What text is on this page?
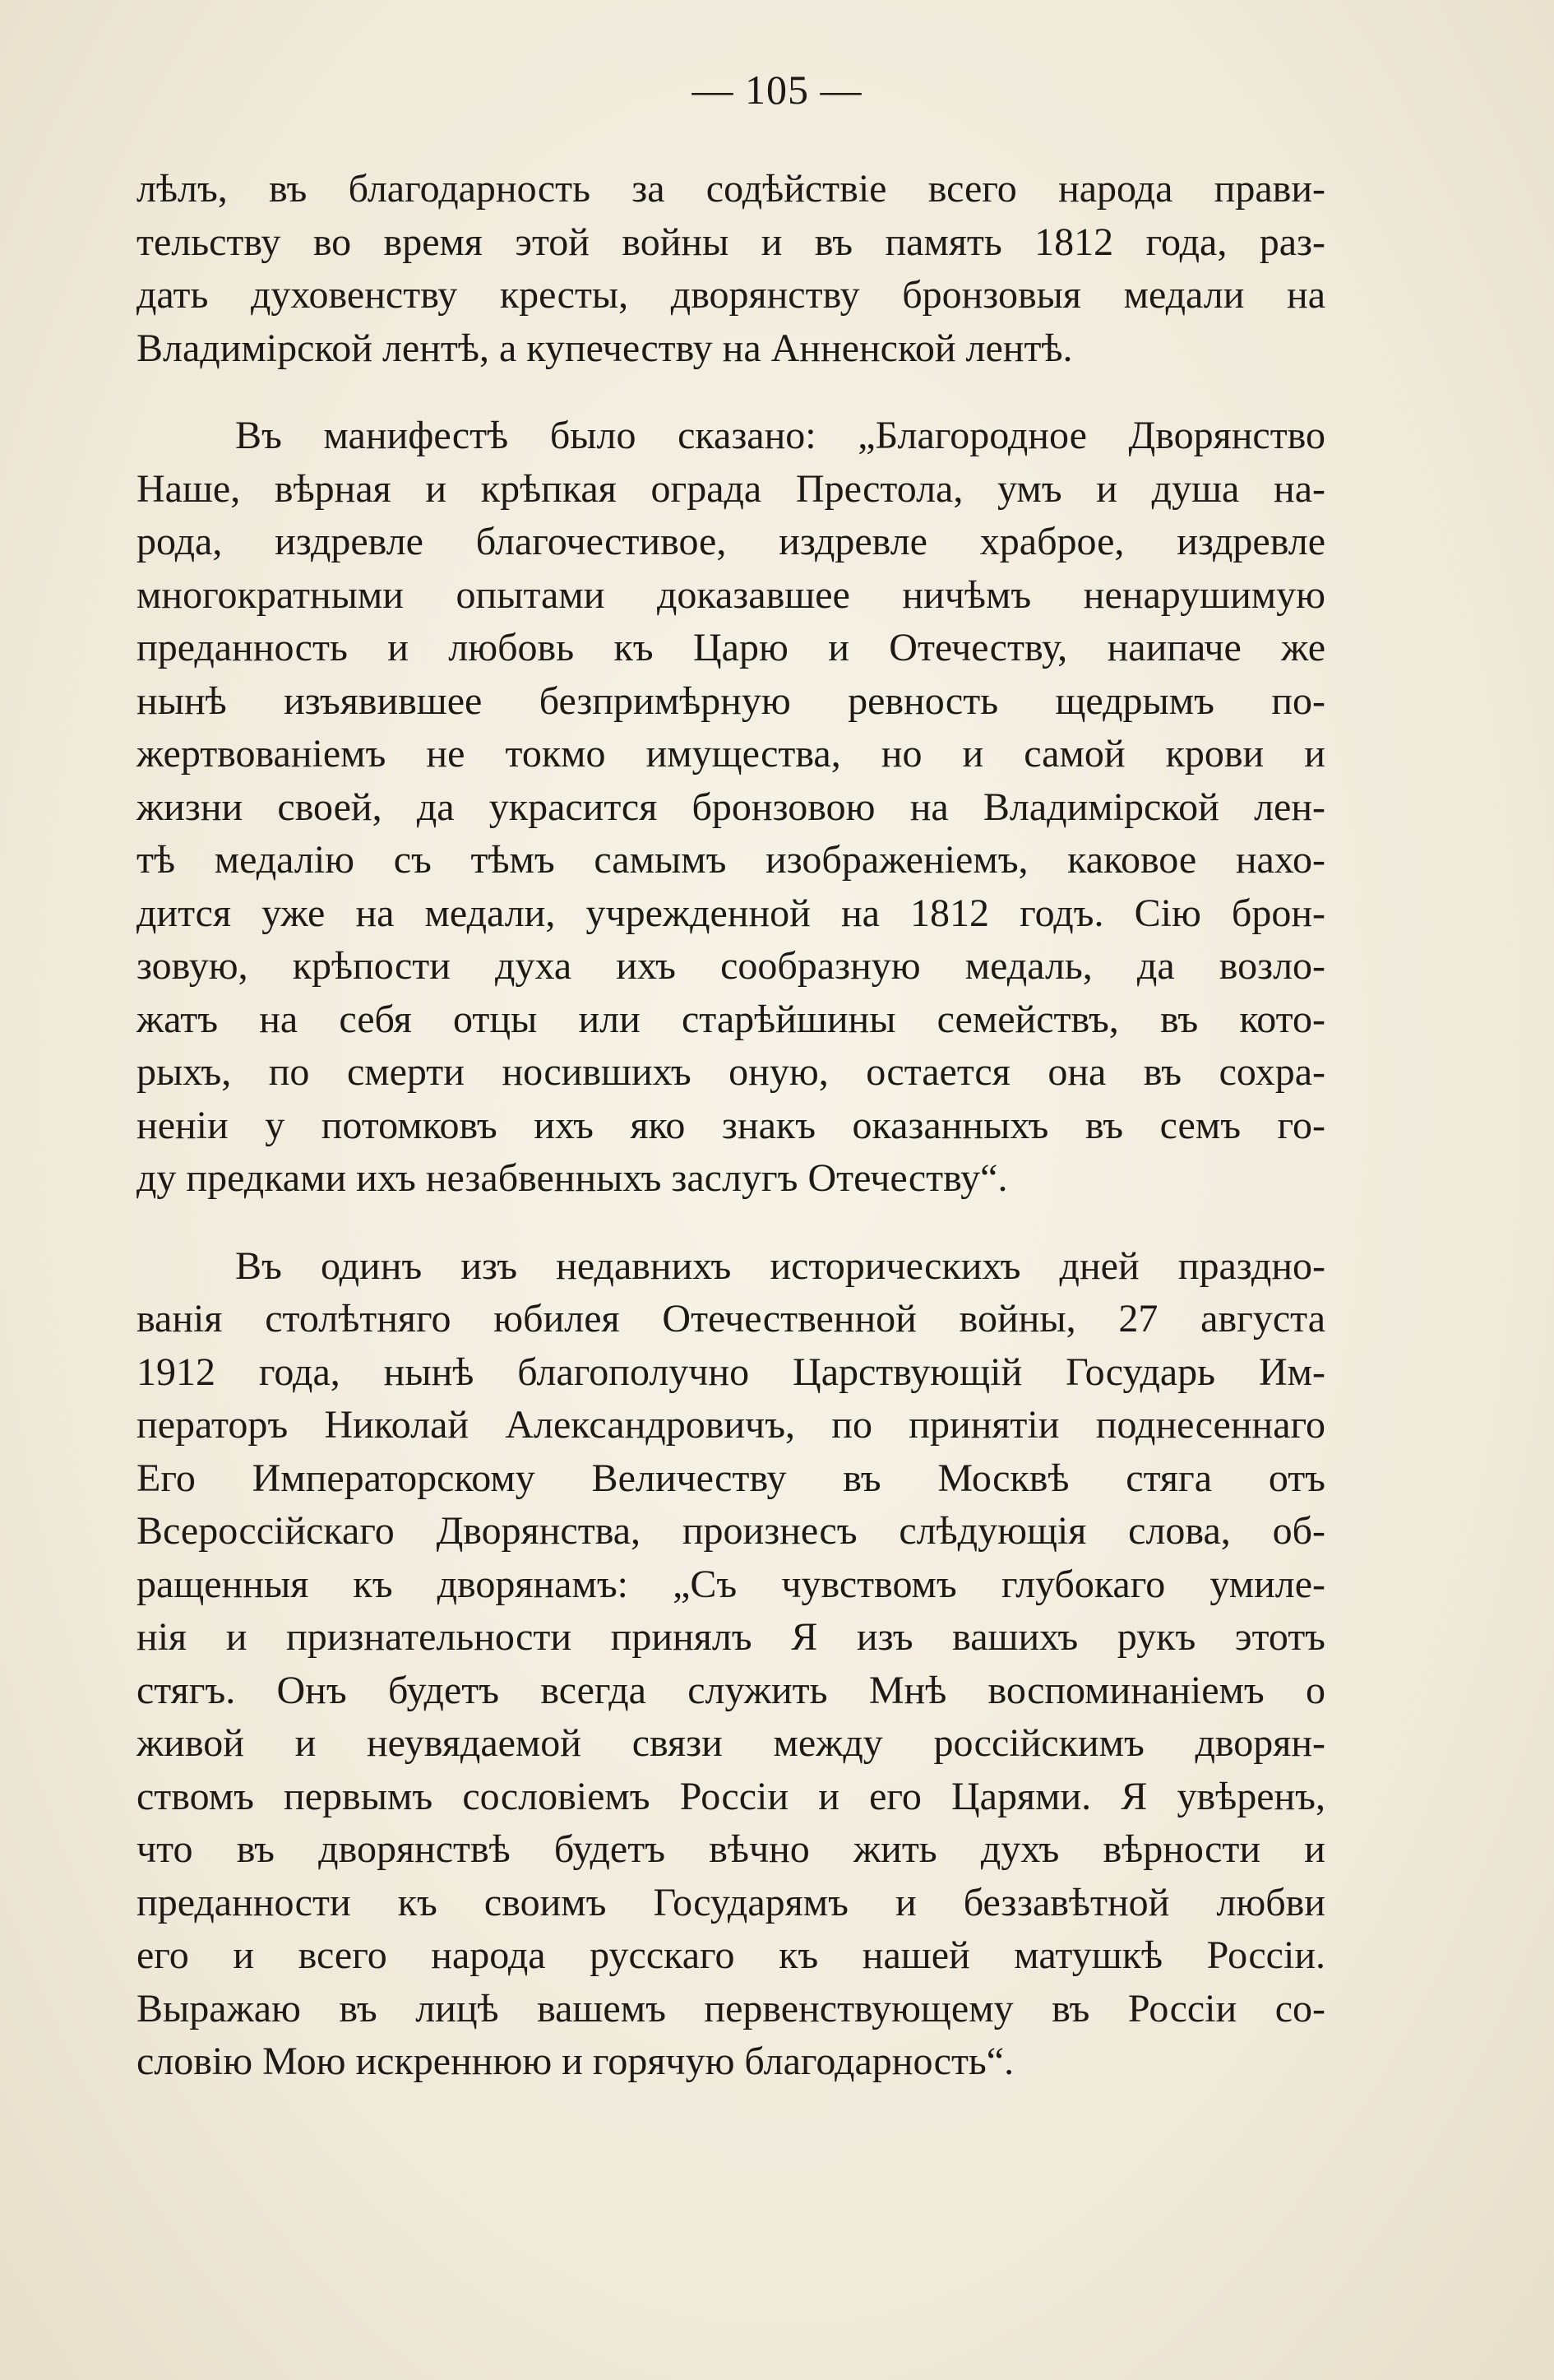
— 105 —
лѣлъ, въ благодарность за содѣйствіе всего народа прави-
тельству во время этой войны и въ память 1812 года, раз-
дать духовенству кресты, дворянству бронзовыя медали на
Владимірской лентѣ, а купечеству на Анненской лентѣ.
Въ манифестѣ было сказано: „Благородное Дворянство
Наше, вѣрная и крѣпкая ограда Престола, умъ и душа на-
рода, издревле благочестивое, издревле храброе, издревле
многократными опытами доказавшее ничѣмъ ненарушимую
преданность и любовь къ Царю и Отечеству, наипаче же
нынѣ изъявившее безпримѣрную ревность щедрымъ по-
жертвованіемъ не токмо имущества, но и самой крови и
жизни своей, да украсится бронзовою на Владимірской лен-
тѣ медалію съ тѣмъ самымъ изображеніемъ, каковое нахо-
дится уже на медали, учрежденной на 1812 годъ. Сію брон-
зовую, крѣпости духа ихъ сообразную медаль, да возло-
жатъ на себя отцы или старѣйшины семействъ, въ кото-
рыхъ, по смерти носившихъ оную, остается она въ сохра-
неніи у потомковъ ихъ яко знакъ оказанныхъ въ семъ го-
ду предками ихъ незабвенныхъ заслугъ Отечеству“.
Въ одинъ изъ недавнихъ историческихъ дней праздно-
ванія столѣтняго юбилея Отечественной войны, 27 августа
1912 года, нынѣ благополучно Царствующій Государь Им-
ператоръ Николай Александровичъ, по принятіи поднесеннаго
Его Императорскому Величеству въ Москвѣ стяга отъ
Всероссійскаго Дворянства, произнесъ слѣдующія слова, об-
ращенныя къ дворянамъ: „Съ чувствомъ глубокаго умиле-
нія и признательности принялъ Я изъ вашихъ рукъ этотъ
стягъ. Онъ будетъ всегда служить Мнѣ воспоминаніемъ о
живой и неувядаемой связи между россійскимъ дворян-
ствомъ первымъ сословіемъ Россіи и его Царями. Я увѣренъ,
что въ дворянствѣ будетъ вѣчно жить духъ вѣрности и
преданности къ своимъ Государямъ и беззавѣтной любви
его и всего народа русскаго къ нашей матушкѣ Россіи.
Выражаю въ лицѣ вашемъ первенствующему въ Россіи со-
словію Мою искреннюю и горячую благодарность“.
